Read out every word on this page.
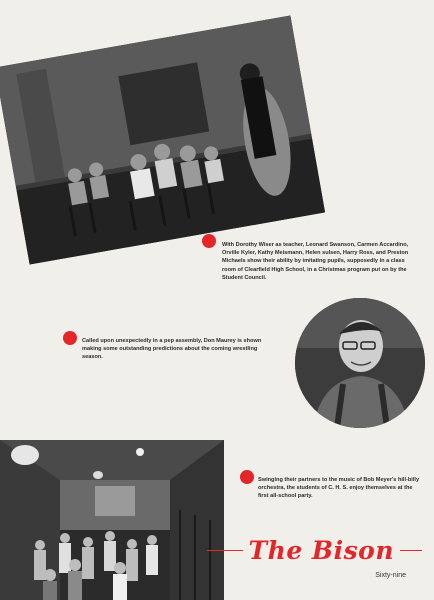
With Dorothy Wiser as teacher, Leonard Swanson, Carmen Accardino, Orville Kyler, Kathy Meismann, Helen sulsen, Harry Ross, and Preston Michaels show their ability by imitating pupils, supposedly in a class room of Clearfield High School, in a Christmas program put on by the Student Council.

Called upon unexpectedly in a pep assembly, Don Maurey is shown making some outstanding predictions about the coming wrestling season.

Swinging their partners to the music of Bob Meyer's hill-billy orchestra, the students of C. H. S. enjoy themselves at the first all-school party.

The Bison
Sixty-nine
